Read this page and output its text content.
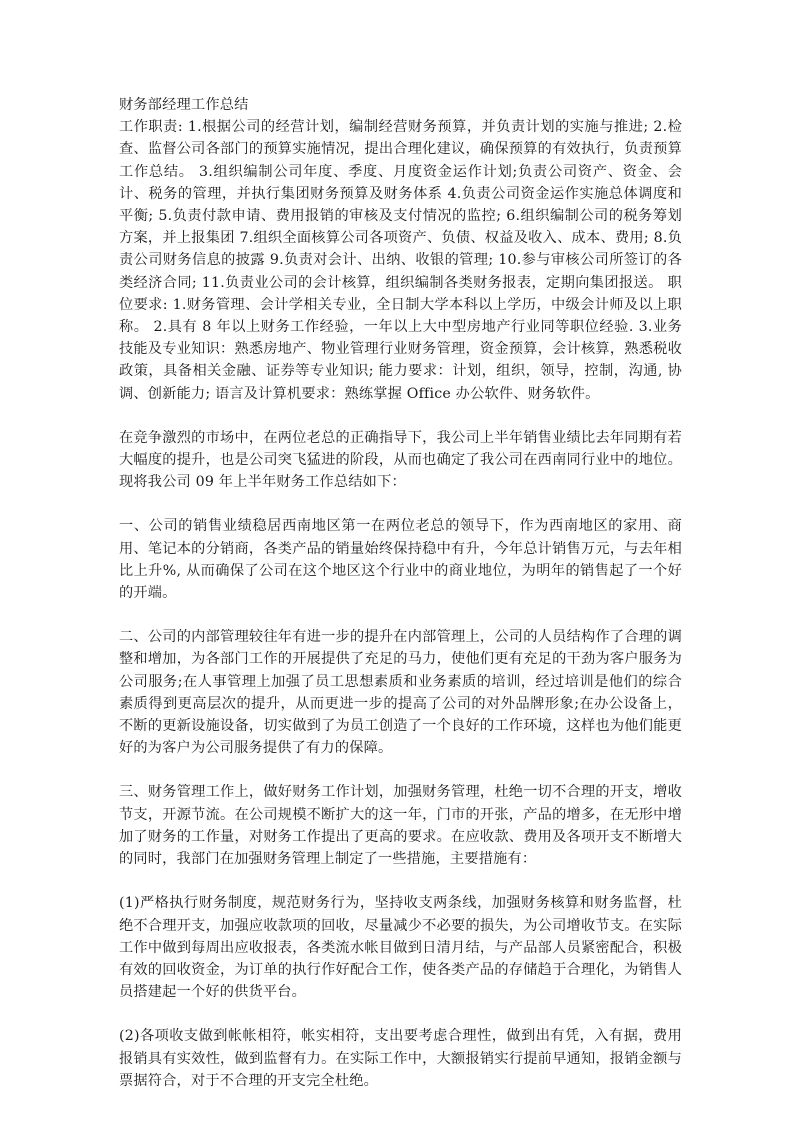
财务部经理工作总结

工作职责: 1.根据公司的经营计划，编制经营财务预算，并负责计划的实施与推进; 2.检查、监督公司各部门的预算实施情况，提出合理化建议，确保预算的有效执行，负责预算工作总结。 3.组织编制公司年度、季度、月度资金运作计划;负责公司资产、资金、会计、税务的管理，并执行集团财务预算及财务体系 4.负责公司资金运作实施总体调度和平衡; 5.负责付款申请、费用报销的审核及支付情况的监控; 6.组织编制公司的税务筹划方案，并上报集团 7.组织全面核算公司各项资产、负债、权益及收入、成本、费用; 8.负责公司财务信息的披露 9.负责对会计、出纳、收银的管理; 10.参与审核公司所签订的各类经济合同; 11.负责业公司的会计核算，组织编制各类财务报表，定期向集团报送。 职位要求: 1.财务管理、会计学相关专业，全日制大学本科以上学历，中级会计师及以上职称。 2.具有 8 年以上财务工作经验，一年以上大中型房地产行业同等职位经验. 3.业务技能及专业知识：熟悉房地产、物业管理行业财务管理，资金预算，会计核算，熟悉税收政策，具备相关金融、证券等专业知识; 能力要求：计划，组织，领导，控制，沟通, 协调、创新能力; 语言及计算机要求：熟练掌握 Office 办公软件、财务软件。

在竞争激烈的市场中，在两位老总的正确指导下，我公司上半年销售业绩比去年同期有若大幅度的提升，也是公司突飞猛进的阶段，从而也确定了我公司在西南同行业中的地位。现将我公司 09 年上半年财务工作总结如下：

一、公司的销售业绩稳居西南地区第一在两位老总的领导下，作为西南地区的家用、商用、笔记本的分销商，各类产品的销量始终保持稳中有升，今年总计销售万元，与去年相比上升%, 从而确保了公司在这个地区这个行业中的商业地位，为明年的销售起了一个好的开端。

二、公司的内部管理较往年有进一步的提升在内部管理上，公司的人员结构作了合理的调整和增加，为各部门工作的开展提供了充足的马力，使他们更有充足的干劲为客户服务为公司服务;在人事管理上加强了员工思想素质和业务素质的培训，经过培训是他们的综合素质得到更高层次的提升，从而更进一步的提高了公司的对外品牌形象;在办公设备上，不断的更新设施设备，切实做到了为员工创造了一个良好的工作环境，这样也为他们能更好的为客户为公司服务提供了有力的保障。

三、财务管理工作上，做好财务工作计划，加强财务管理，杜绝一切不合理的开支，增收节支，开源节流。在公司规模不断扩大的这一年，门市的开张，产品的增多，在无形中增加了财务的工作量，对财务工作提出了更高的要求。在应收款、费用及各项开支不断增大的同时，我部门在加强财务管理上制定了一些措施，主要措施有：

(1)严格执行财务制度，规范财务行为，坚持收支两条线，加强财务核算和财务监督，杜绝不合理开支，加强应收款项的回收，尽量减少不必要的损失，为公司增收节支。在实际工作中做到每周出应收报表，各类流水帐目做到日清月结，与产品部人员紧密配合，积极有效的回收资金，为订单的执行作好配合工作，使各类产品的存储趋于合理化，为销售人员搭建起一个好的供货平台。

(2)各项收支做到帐帐相符，帐实相符，支出要考虑合理性，做到出有凭，入有据，费用报销具有实效性，做到监督有力。在实际工作中，大额报销实行提前早通知，报销金额与票据符合，对于不合理的开支完全杜绝。
